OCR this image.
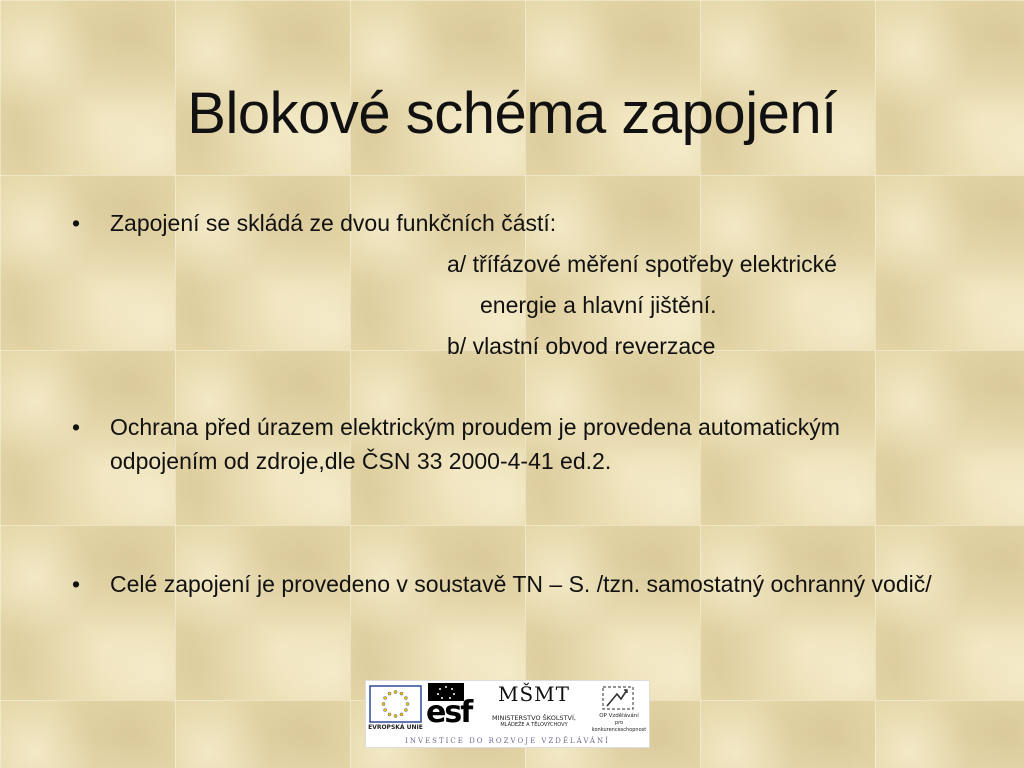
Blokové schéma zapojení
• Zapojení se skládá ze dvou funkčních částí:
a/ třífázové měření spotřeby elektrické
energie a hlavní jištění.
b/ vlastní obvod reverzace
• Ochrana před úrazem elektrickým proudem je provedena automatickým odpojením od zdroje,dle ČSN 33 2000-4-41 ed.2.
• Celé zapojení je provedeno v soustavě TN – S. /tzn. samostatný ochranný vodič/
EVROPSKÁ UNIE esf
MŠMT
MINISTERSTVO ŠKOLSTVÍ,
MLÁDEŽE A TĚLOVÝCHOVY
OP Vzdělávání
pro konkurenceschopnost
INVESTICE DO ROZVOJE VZDĚLÁVÁNÍ
